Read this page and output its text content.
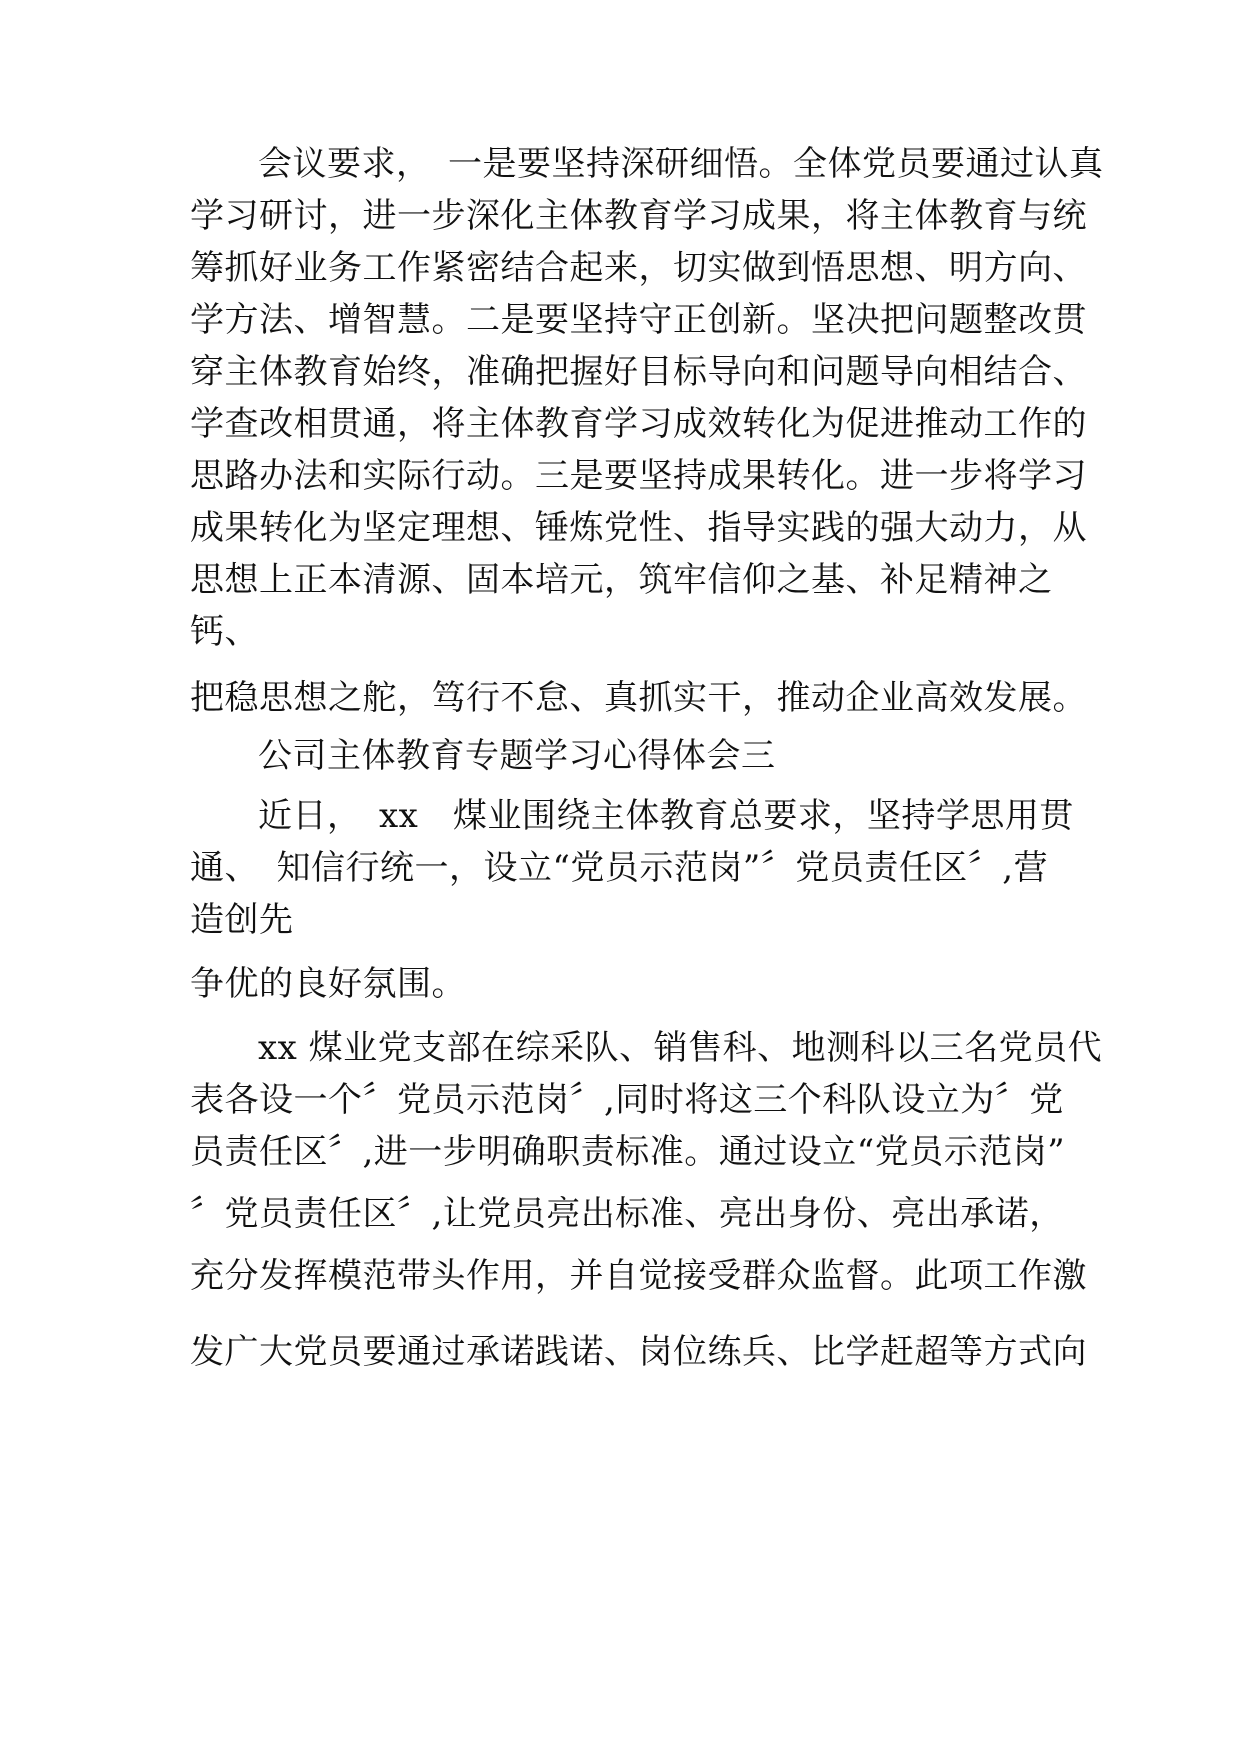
会议要求，　一是要坚持深研细悟。全体党员要通过认真
学习研讨，进一步深化主体教育学习成果，将主体教育与统
筹抓好业务工作紧密结合起来，切实做到悟思想、明方向、
学方法、增智慧。二是要坚持守正创新。坚决把问题整改贯
穿主体教育始终，准确把握好目标导向和问题导向相结合、
学查改相贯通，将主体教育学习成效转化为促进推动工作的
思路办法和实际行动。三是要坚持成果转化。进一步将学习
成果转化为坚定理想、锤炼党性、指导实践的强大动力，从
思想上正本清源、固本培元，筑牢信仰之基、补足精神之
钙、
把稳思想之舵，笃行不怠、真抓实干，推动企业高效发展。
公司主体教育专题学习心得体会三
近日，　xx　煤业围绕主体教育总要求，坚持学思用贯
通、　知信行统一，设立“党员示范岗”〞党员责任区〞,营
造创先
争优的良好氛围。
xx 煤业党支部在综采队、销售科、地测科以三名党员代
表各设一个〞党员示范岗〞,同时将这三个科队设立为〞党
员责任区〞,进一步明确职责标准。通过设立“党员示范岗”
〞党员责任区〞,让党员亮出标准、亮出身份、亮出承诺，
充分发挥模范带头作用，并自觉接受群众监督。此项工作激
发广大党员要通过承诺践诺、岗位练兵、比学赶超等方式向
